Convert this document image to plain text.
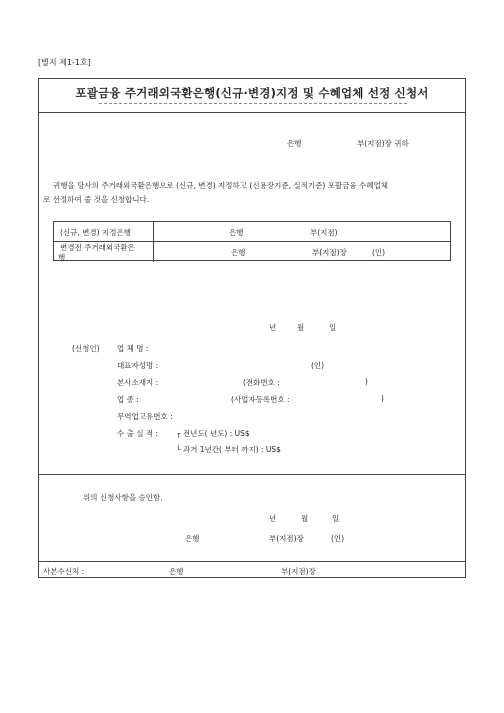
[별지 제1-1호]
포괄금융 주거래외국환은행(신규·변경)지정 및 수혜업체 선정 신청서
은행	부(지점)장 귀하
귀행을 당사의 주거래외국환은행으로 (신규, 변경) 지정하고 (신용장기준, 실적기준) 포괄금융 수혜업체
로 선정하여 줄 것을 신청합니다.
(신규, 변경) 지정은행	은행	부(지점)
변경전 주거래외국환은
행
은행	부(지점)장	(인)
년	월	일
(신청인) 업 체 명 :
대표자성명 :	(인)
본사소재지 :	(전화번호 :	)
업 종 :	(사업자등록번호 :	)
무역업고유번호 :
수 출 실 적 : ┌ 전년도( 년도) : US$
└ 과거 1년간( 부터 까지) : US$
위의 신청사항을 승인함.
년	월	일
은행	부(지점)장	(인)
사본수신처 :	은행	부(지점)장
